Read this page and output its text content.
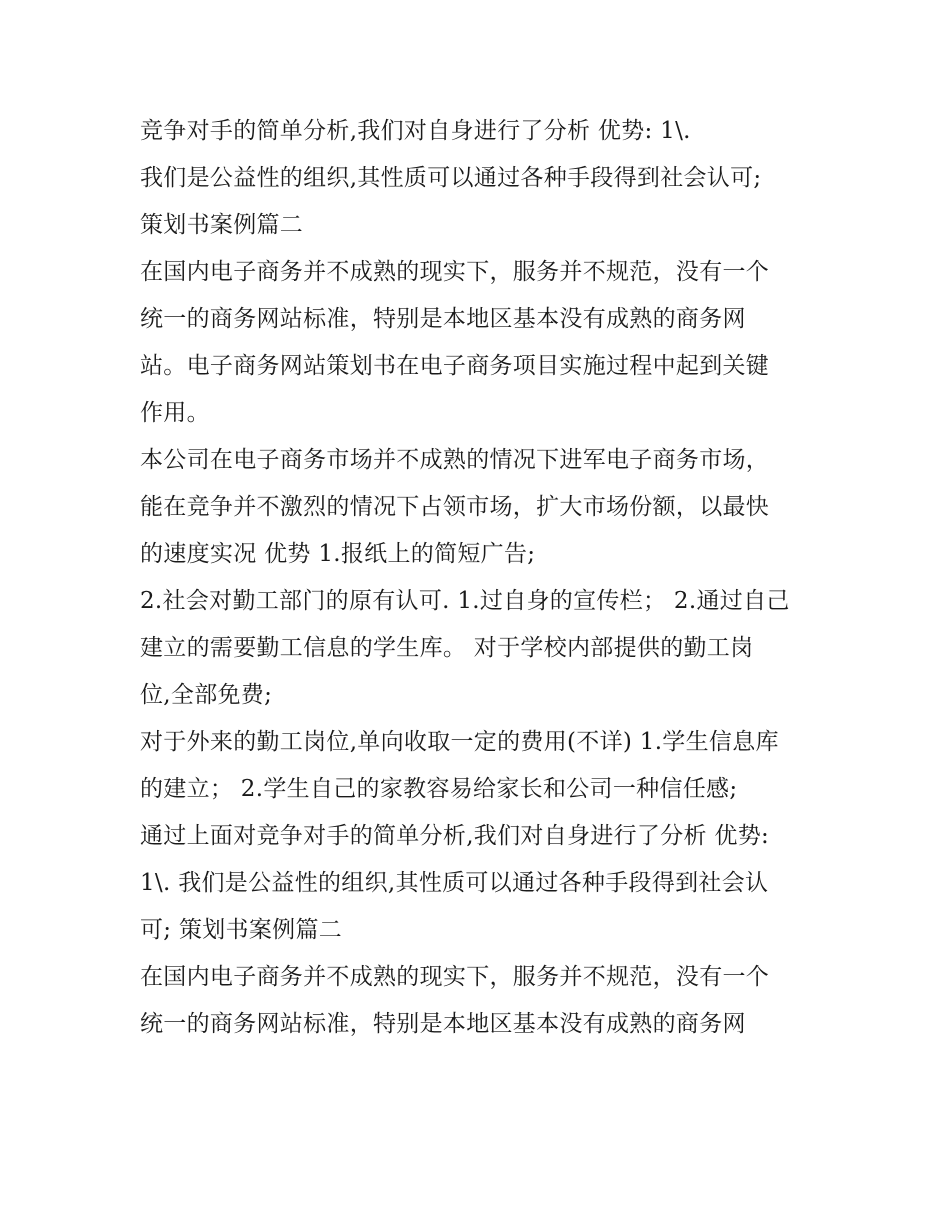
竞争对手的简单分析,我们对自身进行了分析 优势: 1\.
我们是公益性的组织,其性质可以通过各种手段得到社会认可;
策划书案例篇二
在国内电子商务并不成熟的现实下，服务并不规范，没有一个
统一的商务网站标准，特别是本地区基本没有成熟的商务网
站。电子商务网站策划书在电子商务项目实施过程中起到关键
作用。
本公司在电子商务市场并不成熟的情况下进军电子商务市场，
能在竞争并不激烈的情况下占领市场，扩大市场份额，以最快
的速度实况 优势 1.报纸上的简短广告;
2.社会对勤工部门的原有认可. 1.过自身的宣传栏； 2.通过自己
建立的需要勤工信息的学生库。 对于学校内部提供的勤工岗
位,全部免费;
对于外来的勤工岗位,单向收取一定的费用(不详) 1.学生信息库
的建立； 2.学生自己的家教容易给家长和公司一种信任感;
通过上面对竞争对手的简单分析,我们对自身进行了分析 优势:
1\. 我们是公益性的组织,其性质可以通过各种手段得到社会认
可; 策划书案例篇二
在国内电子商务并不成熟的现实下，服务并不规范，没有一个
统一的商务网站标准，特别是本地区基本没有成熟的商务网
